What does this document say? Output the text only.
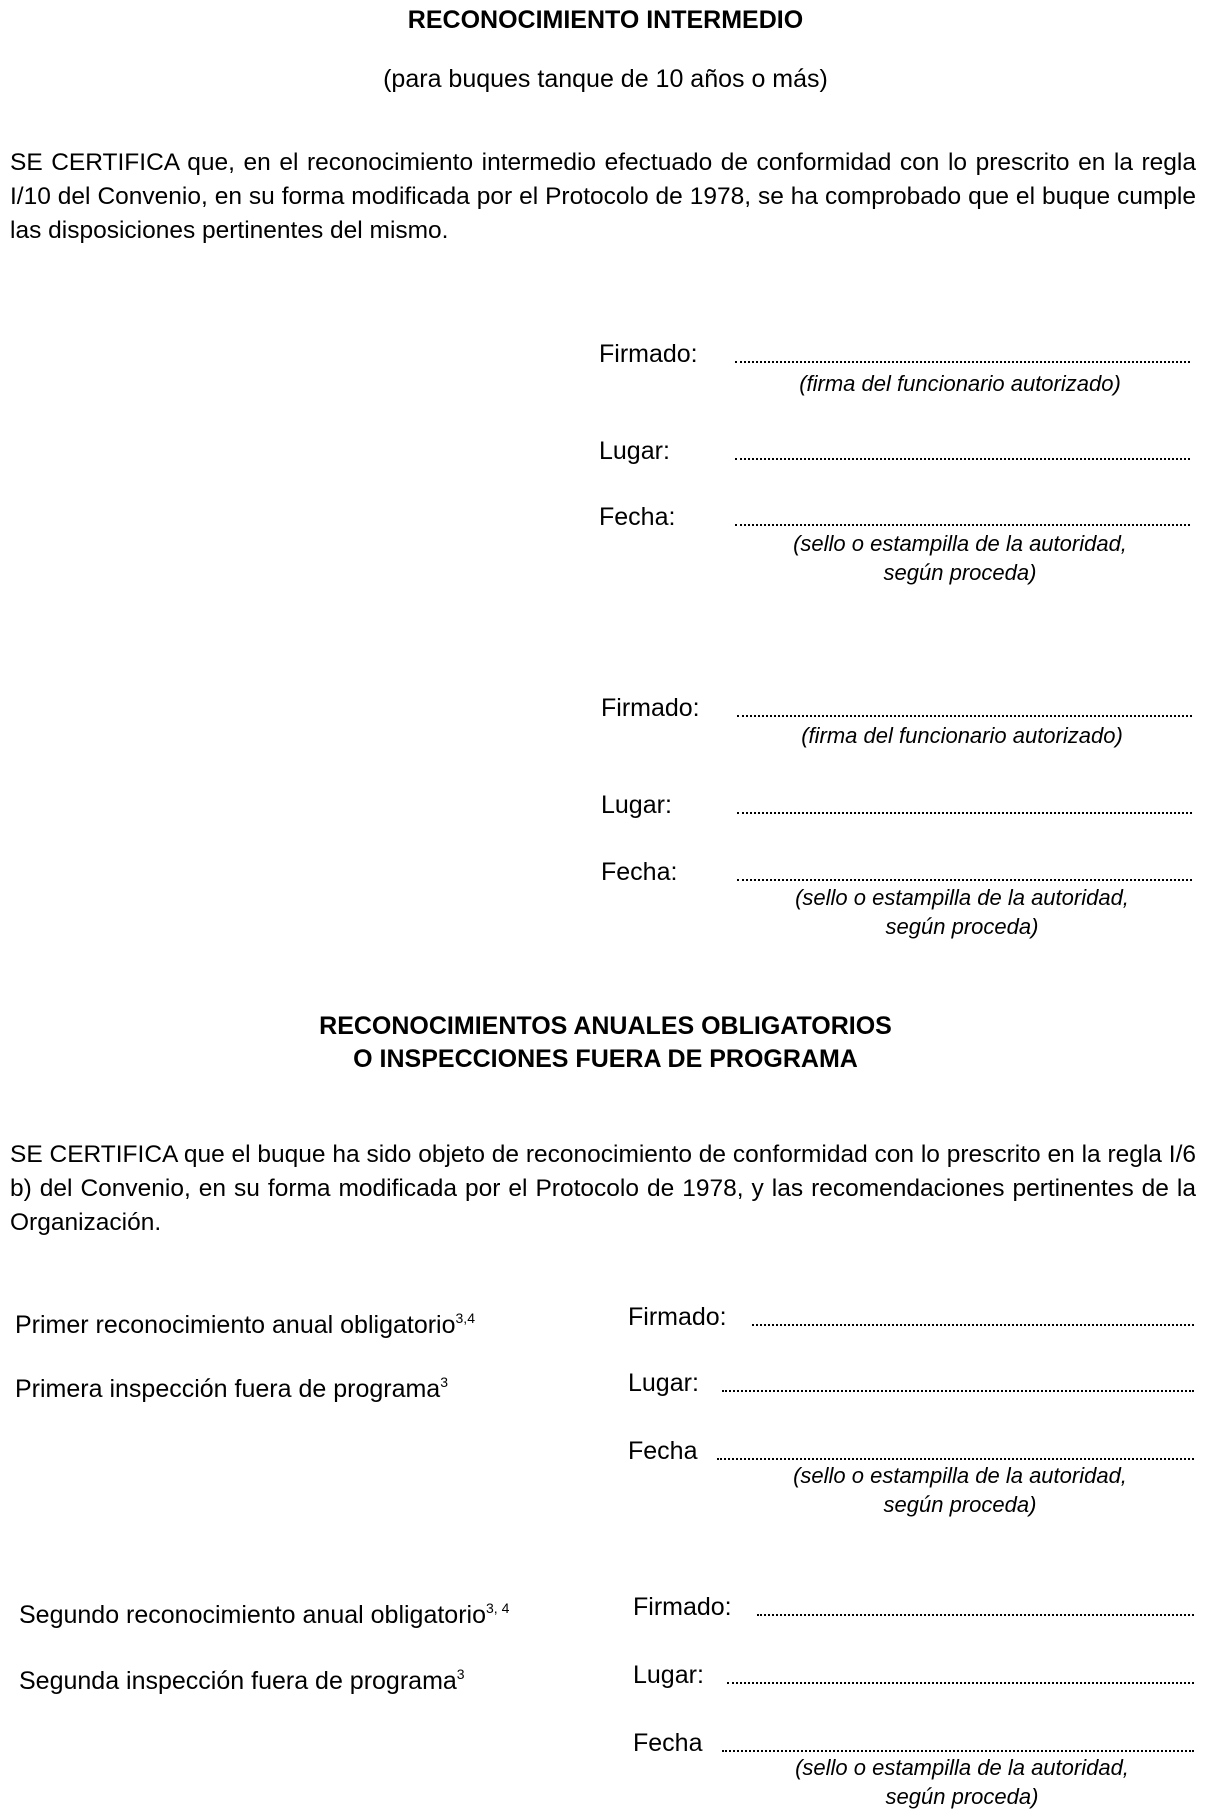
RECONOCIMIENTO INTERMEDIO
(para buques tanque de 10 años o más)

SE CERTIFICA que, en el reconocimiento intermedio efectuado de conformidad con lo prescrito en la regla I/10 del Convenio, en su forma modificada por el Protocolo de 1978, se ha comprobado que el buque cumple las disposiciones pertinentes del mismo.

Firmado:
(firma del funcionario autorizado)
Lugar:
Fecha:
(sello o estampilla de la autoridad,
según proceda)
Firmado:
(firma del funcionario autorizado)
Lugar:
Fecha:
(sello o estampilla de la autoridad,
según proceda)
RECONOCIMIENTOS ANUALES OBLIGATORIOS
O INSPECCIONES FUERA DE PROGRAMA

SE CERTIFICA que el buque ha sido objeto de reconocimiento de conformidad con lo prescrito en la regla I/6 b) del Convenio, en su forma modificada por el Protocolo de 1978, y las recomendaciones pertinentes de la Organización.

Primer reconocimiento anual obligatorio$^{3,4}$
Primera inspección fuera de programa$^3$
Firmado:
Lugar:
Fecha
(sello o estampilla de la autoridad,
según proceda)
Segundo reconocimiento anual obligatorio$^{3, 4}$
Segunda inspección fuera de programa$^3$
Firmado:
Lugar:
Fecha
(sello o estampilla de la autoridad,
según proceda)
